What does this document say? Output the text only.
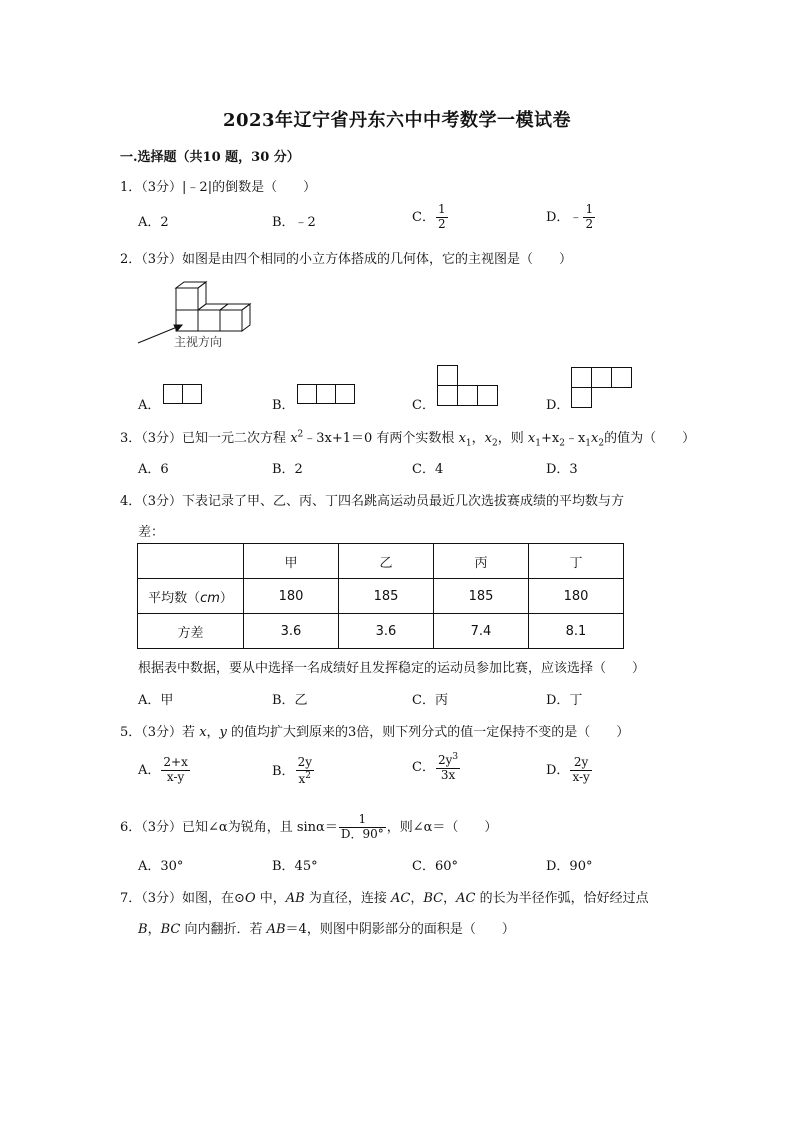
2023年辽宁省丹东六中中考数学一模试卷
一.选择题（共10 题，30 分）
1．（3分）|﹣2|的倒数是（　　）
A．2	B．﹣2	C． $\frac{1}{2}$	D．﹣ $\frac{1}{2}$
2．（3分）如图是由四个相同的小立方体搭成的几何体，它的主视图是（　　）
主视方向
A．	B．	C．	D．
3．（3分）已知一元二次方程 $x^2﹣3x+1=0$ 有两个实数根 $x_1$，$x_2$，则 $x_1+x_2﹣x_1x_2$的值为（　　）
A．6	B．2	C．4	D．3
4．（3分）下表记录了甲、乙、丙、丁四名跳高运动员最近几次选拔赛成绩的平均数与方
差：
	甲	乙	丙	丁
平均数（cm）	180	185	185	180
方差	3.6	3.6	7.4	8.1
根据表中数据，要从中选择一名成绩好且发挥稳定的运动员参加比赛，应该选择（　　）
A．甲	B．乙	C．丙	D．丁
5．（3分）若 x，y 的值均扩大到原来的3倍，则下列分式的值一定保持不变的是（　　）
A． $\frac{2+x}{x-y}$	B． $\frac{2y}{x^2}$	C． $\frac{2y^3}{3x}$	D． $\frac{2y}{x-y}$
6．（3分）已知∠α为锐角，且 $\sin\alpha= \frac{1}{D.90^\circ}$ ，则∠α＝（　　）
A．30°	B．45°	C．60°	D．90°
7．（3分）如图，在⊙O 中，AB 为直径，连接 AC，BC，AC 的长为半径作弧，恰好经过点
B，BC 向内翻折．若 AB＝4，则图中阴影部分的面积是（　　）
